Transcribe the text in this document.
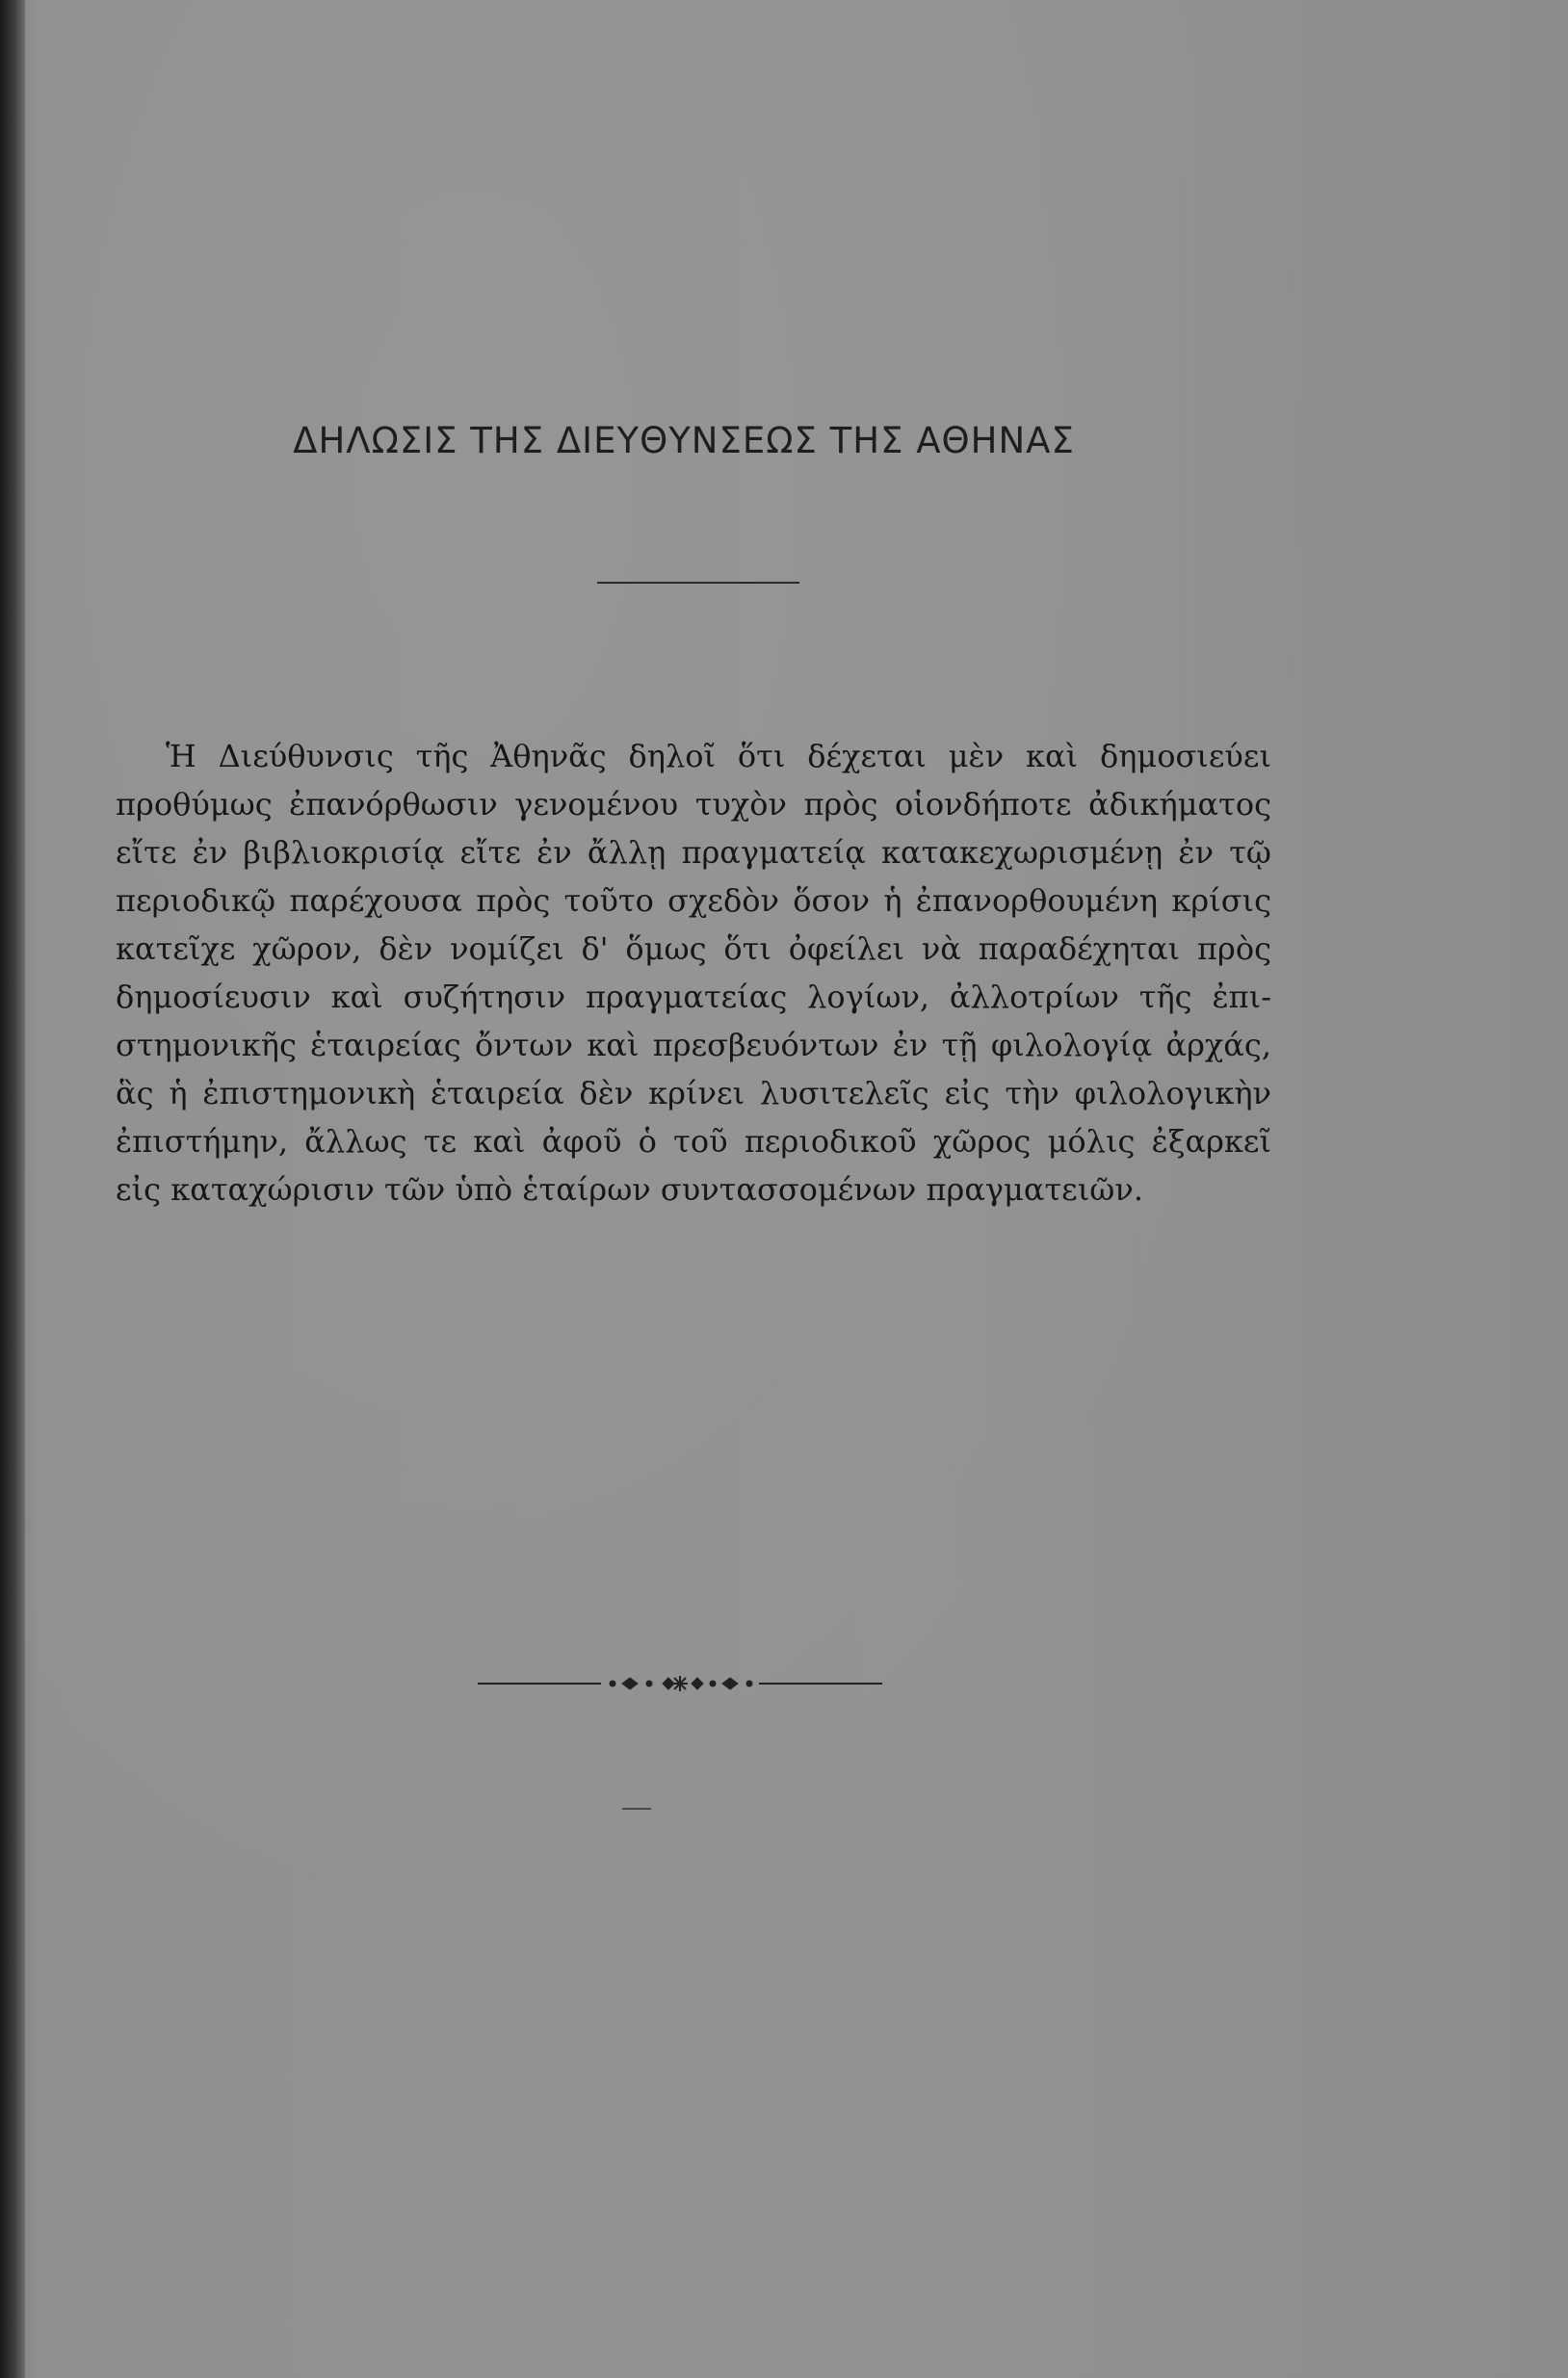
ΔΗΛΩΣΙΣ ΤΗΣ ΔΙΕΥΘΥΝΣΕΩΣ ΤΗΣ ΑΘΗΝΑΣ
Ἡ Διεύθυνσις τῆς Ἀθηνᾶς δηλοῖ ὅτι δέχεται μὲν καὶ δημοσιεύει
προθύμως ἐπανόρθωσιν γενομένου τυχὸν πρὸς οἱονδήποτε ἀδικήματος
εἴτε ἐν βιβλιοκρισίᾳ εἴτε ἐν ἄλλῃ πραγματείᾳ κατακεχωρισμένῃ ἐν τῷ
περιοδικῷ παρέχουσα πρὸς τοῦτο σχεδὸν ὅσον ἡ ἐπανορθουμένη κρίσις
κατεῖχε χῶρον, δὲν νομίζει δ' ὅμως ὅτι ὀφείλει νὰ παραδέχηται πρὸς
δημοσίευσιν καὶ συζήτησιν πραγματείας λογίων, ἀλλοτρίων τῆς ἐπι-
στημονικῆς ἑταιρείας ὄντων καὶ πρεσβευόντων ἐν τῇ φιλολογίᾳ ἀρχάς,
ἃς ἡ ἐπιστημονικὴ ἑταιρεία δὲν κρίνει λυσιτελεῖς εἰς τὴν φιλολογικὴν
ἐπιστήμην, ἄλλως τε καὶ ἀφοῦ ὁ τοῦ περιοδικοῦ χῶρος μόλις ἐξαρκεῖ
εἰς καταχώρισιν τῶν ὑπὸ ἑταίρων συντασσομένων πραγματειῶν.
